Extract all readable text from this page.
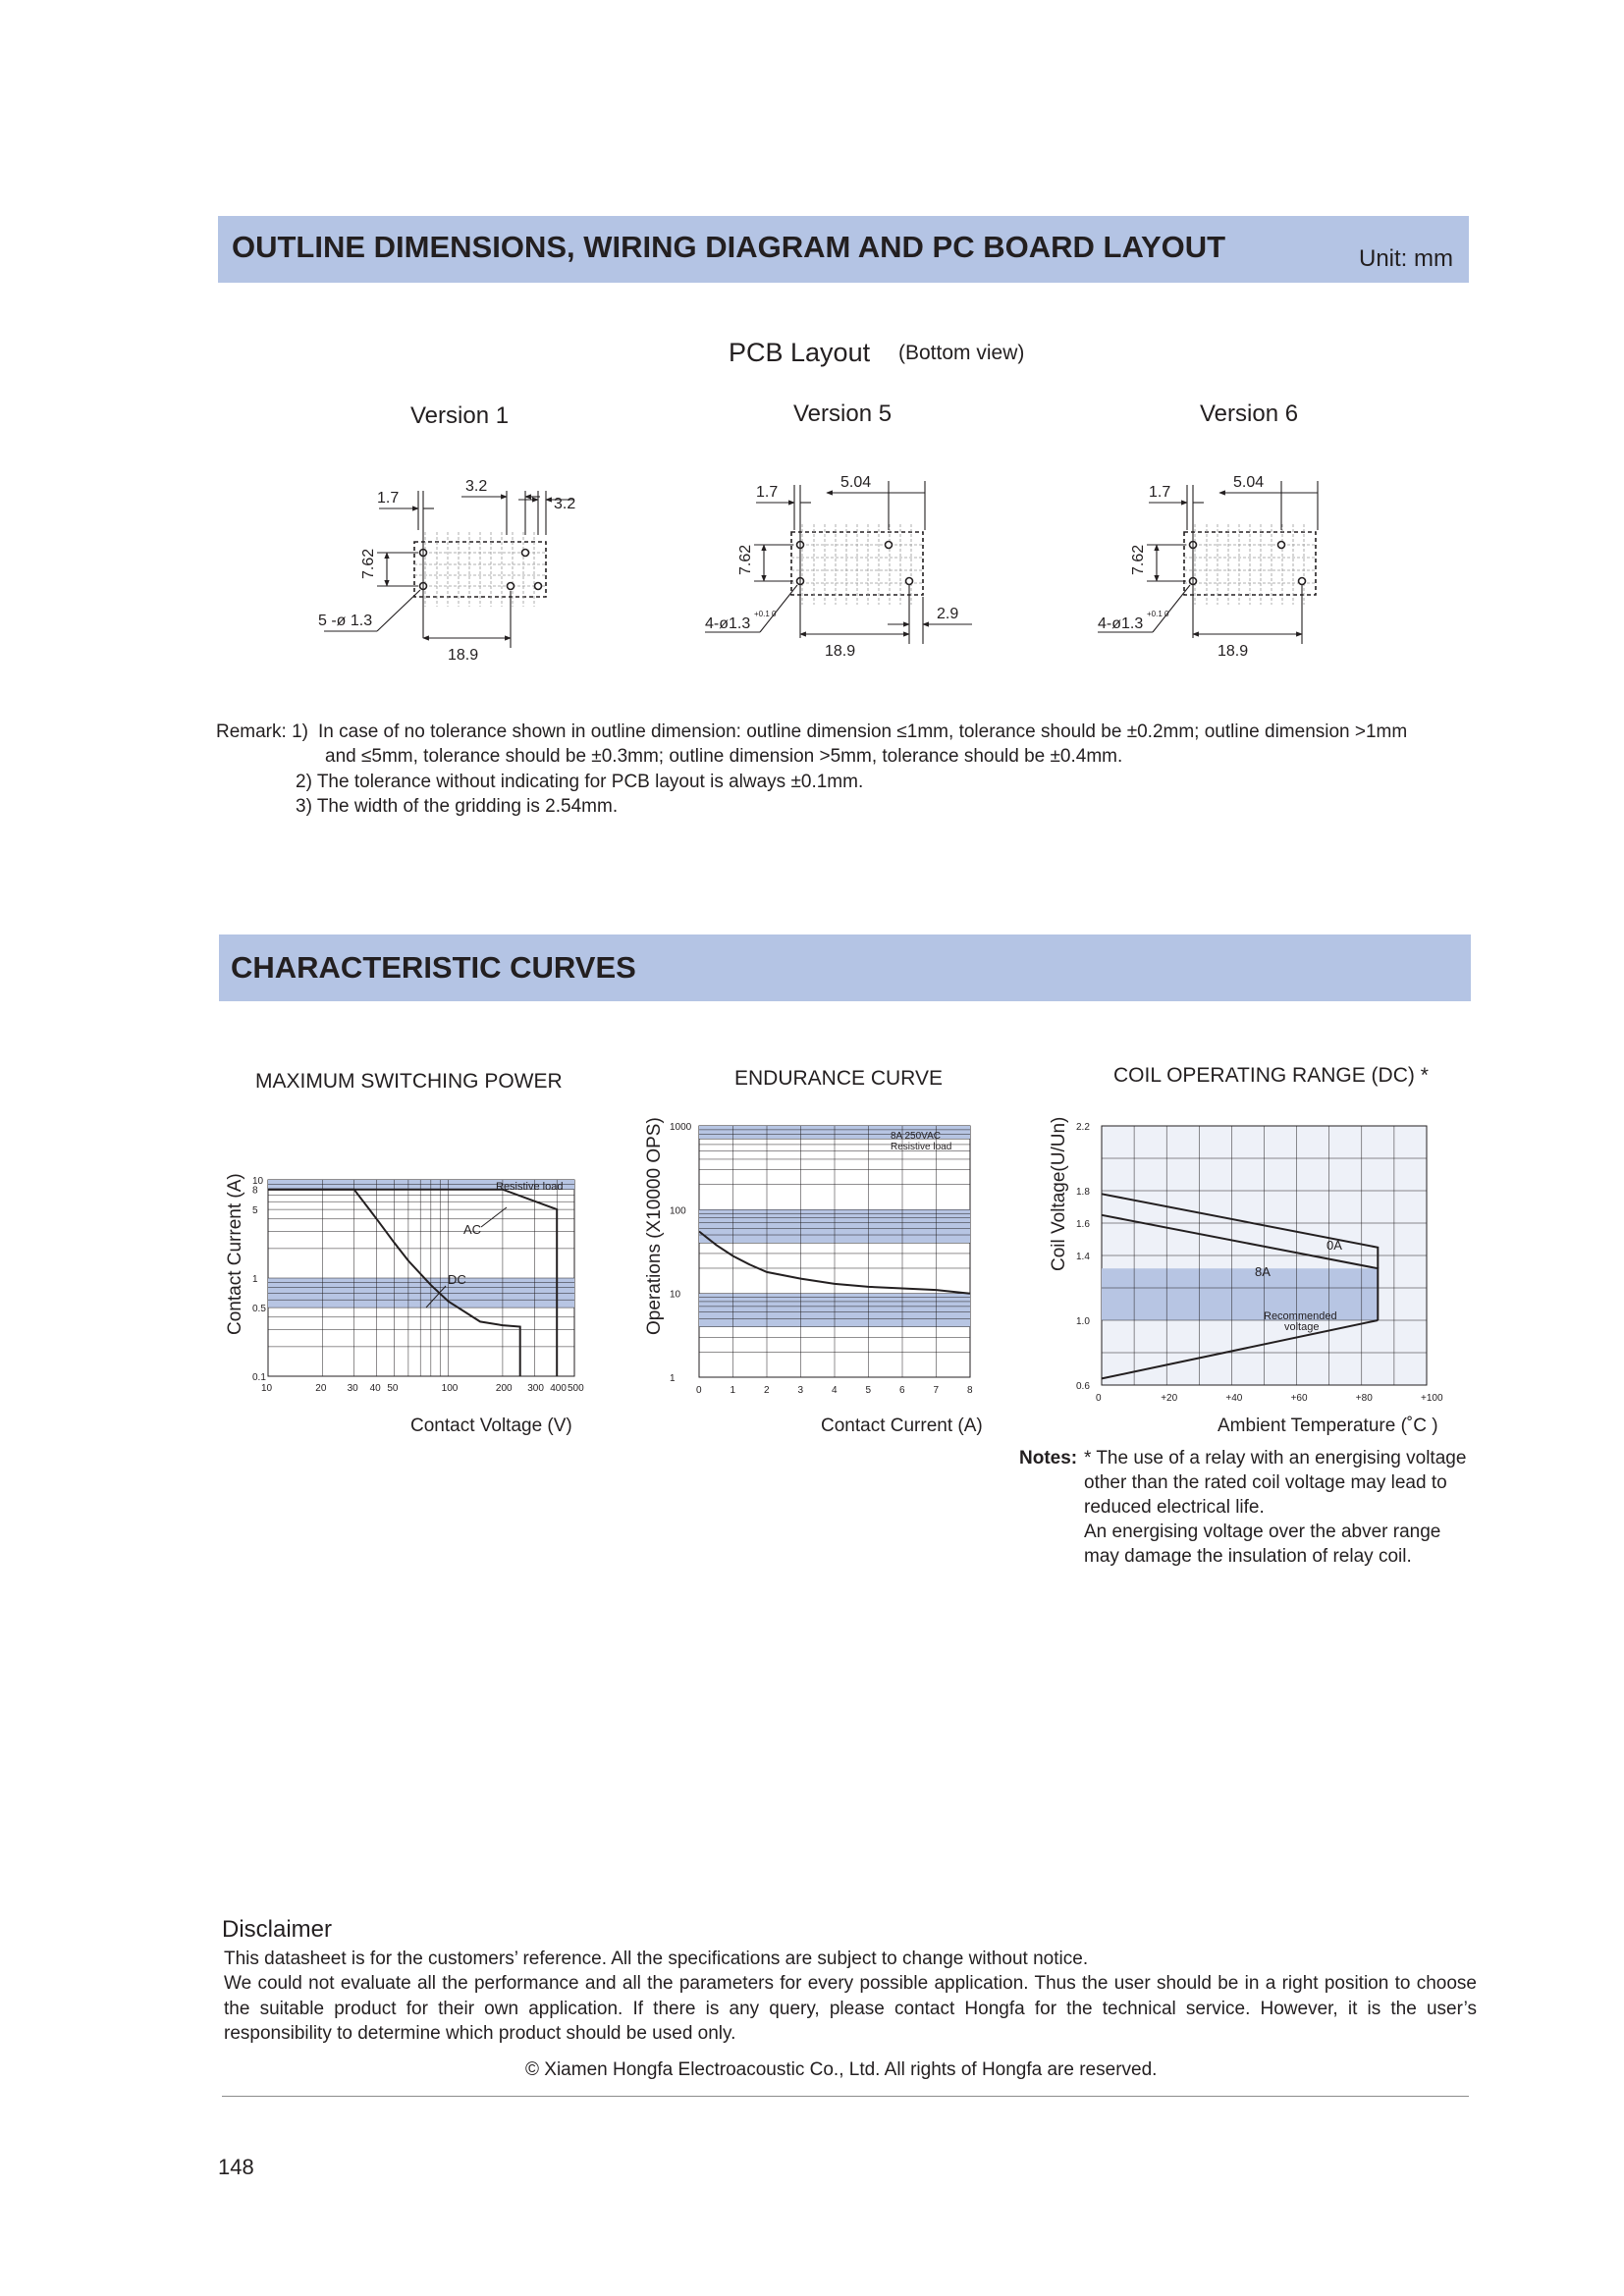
OUTLINE DIMENSIONS, WIRING DIAGRAM AND PC BOARD LAYOUT	Unit: mm
PCB Layout (Bottom view)
Version 1	Version 5	Version 6
1.7
3.2
3.2
7.62
5 -ø 1.3
18.9
1.7
5.04
7.62
4-ø1.3
18.9
2.9
+0.1 0
1.7
5.04
7.62
4-ø1.3
18.9
+0.1 0
Remark: 1) In case of no tolerance shown in outline dimension: outline dimension ≤1mm, tolerance should be ±0.2mm; outline dimension >1mm
and ≤5mm, tolerance should be ±0.3mm; outline dimension >5mm, tolerance should be ±0.4mm.
2) The tolerance without indicating for PCB layout is always ±0.1mm.
3) The width of the gridding is 2.54mm.
CHARACTERISTIC CURVES
MAXIMUM SWITCHING POWER	ENDURANCE CURVE	COIL OPERATING RANGE (DC) *
10	20 30 40 50	100	200 300 400 500
0.1
0.5
1
5
8
10	Resistive load
AC
DC
Contact Voltage (V)
Contact Current (A)
0	1	2	3	4	5	6	7	8
1
10
100
1000
8A 250VAC
Resistive load
Contact Current (A)
Operations (X10000 OPS)
0	+20	+40	+60	+80	+100
0.6
1.0
1.4
1.6
1.8
2.2
0A
8A
Recommended
voltage
Ambient Temperature (˚C )
Coil Voltage(U/Un)
Notes: * The use of a relay with an energising voltage
other than the rated coil voltage may lead to
reduced electrical life.
An energising voltage over the abver range
may damage the insulation of relay coil.
Disclaimer
This datasheet is for the customers’ reference. All the specifications are subject to change without notice.
We could not evaluate all the performance and all the parameters for every possible application. Thus the user should be in a right position to choose the suitable product for their own application. If there is any query, please contact Hongfa for the technical service. However, it is the user’s responsibility to determine which product should be used only.
© Xiamen Hongfa Electroacoustic Co., Ltd. All rights of Hongfa are reserved.
148
